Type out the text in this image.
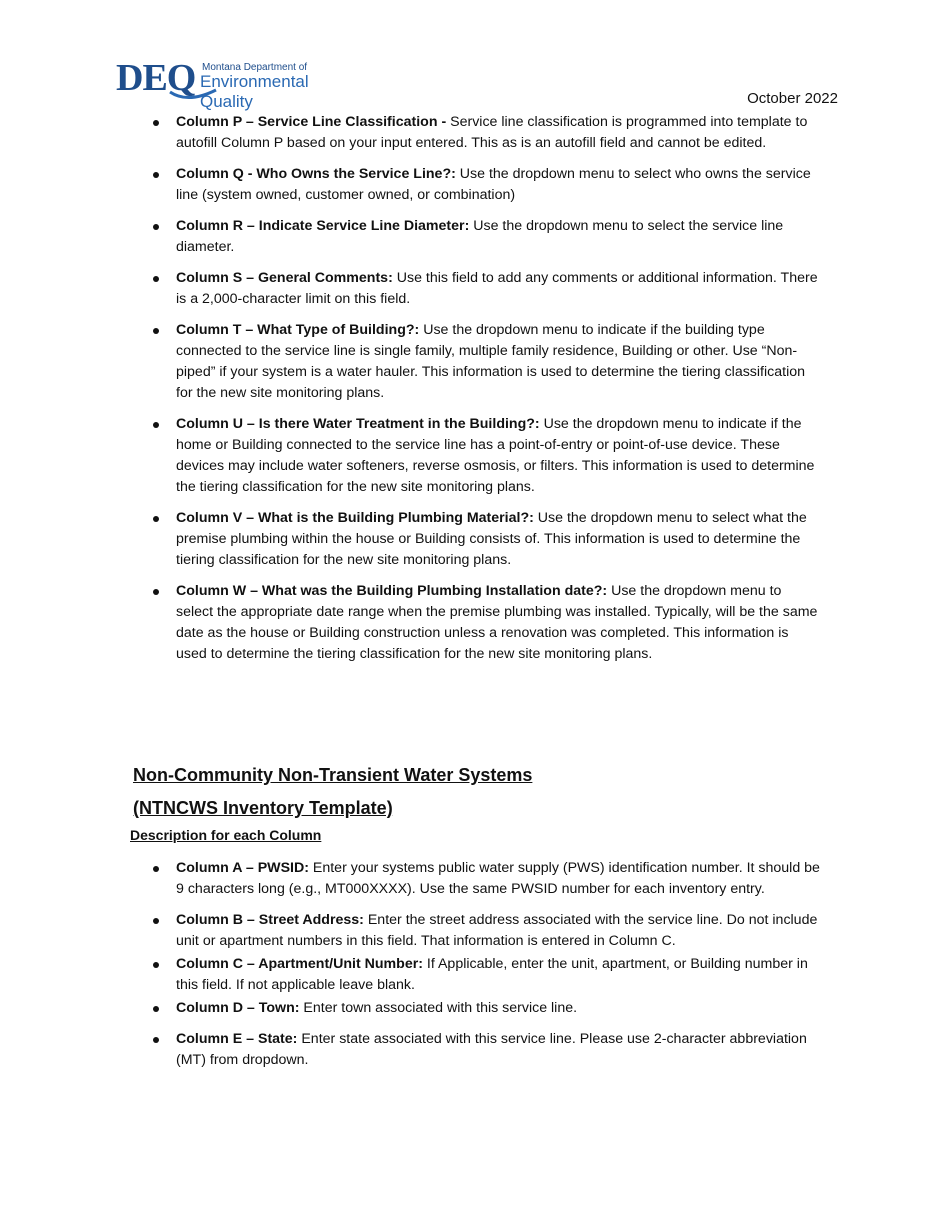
DEQ Montana Department of
Environmental Quality	October 2022
Column P – Service Line Classification - Service line classification is programmed into template to autofill Column P based on your input entered. This as is an autofill field and cannot be edited.
Column Q - Who Owns the Service Line?: Use the dropdown menu to select who owns the service line (system owned, customer owned, or combination)
Column R – Indicate Service Line Diameter: Use the dropdown menu to select the service line diameter.
Column S – General Comments: Use this field to add any comments or additional information. There is a 2,000-character limit on this field.
Column T – What Type of Building?: Use the dropdown menu to indicate if the building type connected to the service line is single family, multiple family residence, Building or other. Use “Non-piped” if your system is a water hauler. This information is used to determine the tiering classification for the new site monitoring plans.
Column U – Is there Water Treatment in the Building?: Use the dropdown menu to indicate if the home or Building connected to the service line has a point-of-entry or point-of-use device. These devices may include water softeners, reverse osmosis, or filters. This information is used to determine the tiering classification for the new site monitoring plans.
Column V – What is the Building Plumbing Material?: Use the dropdown menu to select what the premise plumbing within the house or Building consists of. This information is used to determine the tiering classification for the new site monitoring plans.
Column W – What was the Building Plumbing Installation date?: Use the dropdown menu to select the appropriate date range when the premise plumbing was installed. Typically, will be the same date as the house or Building construction unless a renovation was completed. This information is used to determine the tiering classification for the new site monitoring plans.
Non-Community Non-Transient Water Systems
(NTNCWS Inventory Template)
Description for each Column
Column A – PWSID: Enter your systems public water supply (PWS) identification number. It should be 9 characters long (e.g., MT000XXXX). Use the same PWSID number for each inventory entry.
Column B – Street Address: Enter the street address associated with the service line. Do not include unit or apartment numbers in this field. That information is entered in Column C.
Column C – Apartment/Unit Number: If Applicable, enter the unit, apartment, or Building number in this field. If not applicable leave blank.
Column D – Town: Enter town associated with this service line.
Column E – State: Enter state associated with this service line. Please use 2-character abbreviation (MT) from dropdown.
